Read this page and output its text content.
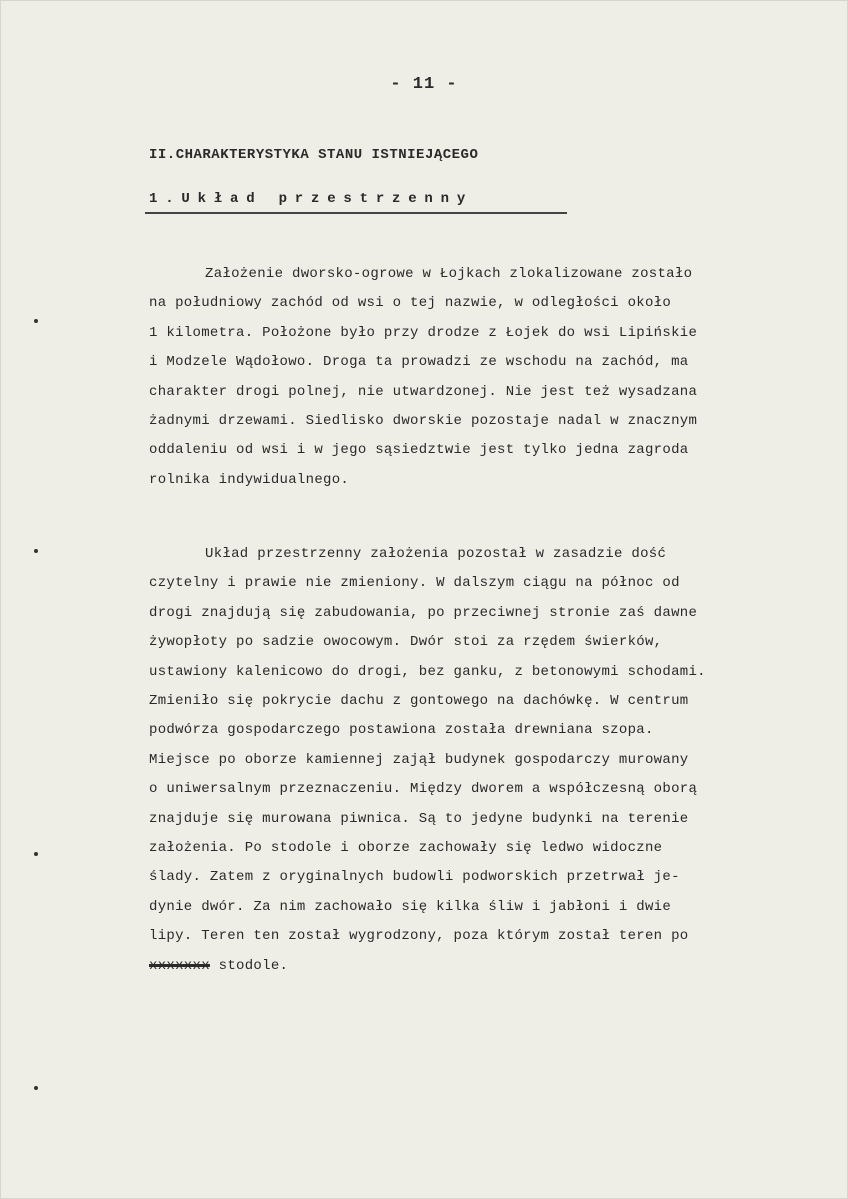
- 11 -
II.CHARAKTERYSTYKA STANU ISTNIEJĄCEGO
1.Układ przestrzenny
Założenie dworsko-ogrowe w Łojkach zlokalizowane zostało
na południowy zachód od wsi o tej nazwie, w odległości około
1 kilometra. Położone było przy drodze z Łojek do wsi Lipińskie
i Modzele Wądołowo. Droga ta prowadzi ze wschodu na zachód, ma
charakter drogi polnej, nie utwardzonej. Nie jest też wysadzana
żadnymi drzewami. Siedlisko dworskie pozostaje nadal w znacznym
oddaleniu od wsi i w jego sąsiedztwie jest tylko jedna zagroda
rolnika indywidualnego.
Układ przestrzenny założenia pozostał w zasadzie dość
czytelny i prawie nie zmieniony. W dalszym ciągu na północ od
drogi znajdują się zabudowania, po przeciwnej stronie zaś dawne
żywopłoty po sadzie owocowym. Dwór stoi za rzędem świerków,
ustawiony kalenicowo do drogi, bez ganku, z betonowymi schodami.
Zmieniło się pokrycie dachu z gontowego na dachówkę. W centrum
podwórza gospodarczego postawiona została drewniana szopa.
Miejsce po oborze kamiennej zajął budynek gospodarczy murowany
o uniwersalnym przeznaczeniu. Między dworem a współczesną oborą
znajduje się murowana piwnica. Są to jedyne budynki na terenie
założenia. Po stodole i oborze zachowały się ledwo widoczne
ślady. Zatem z oryginalnych budowli podworskich przetrwał je-
dynie dwór. Za nim zachowało się kilka śliw i jabłoni i dwie
lipy. Teren ten został wygrodzony, poza którym został teren po
xxxxxxx stodole.
